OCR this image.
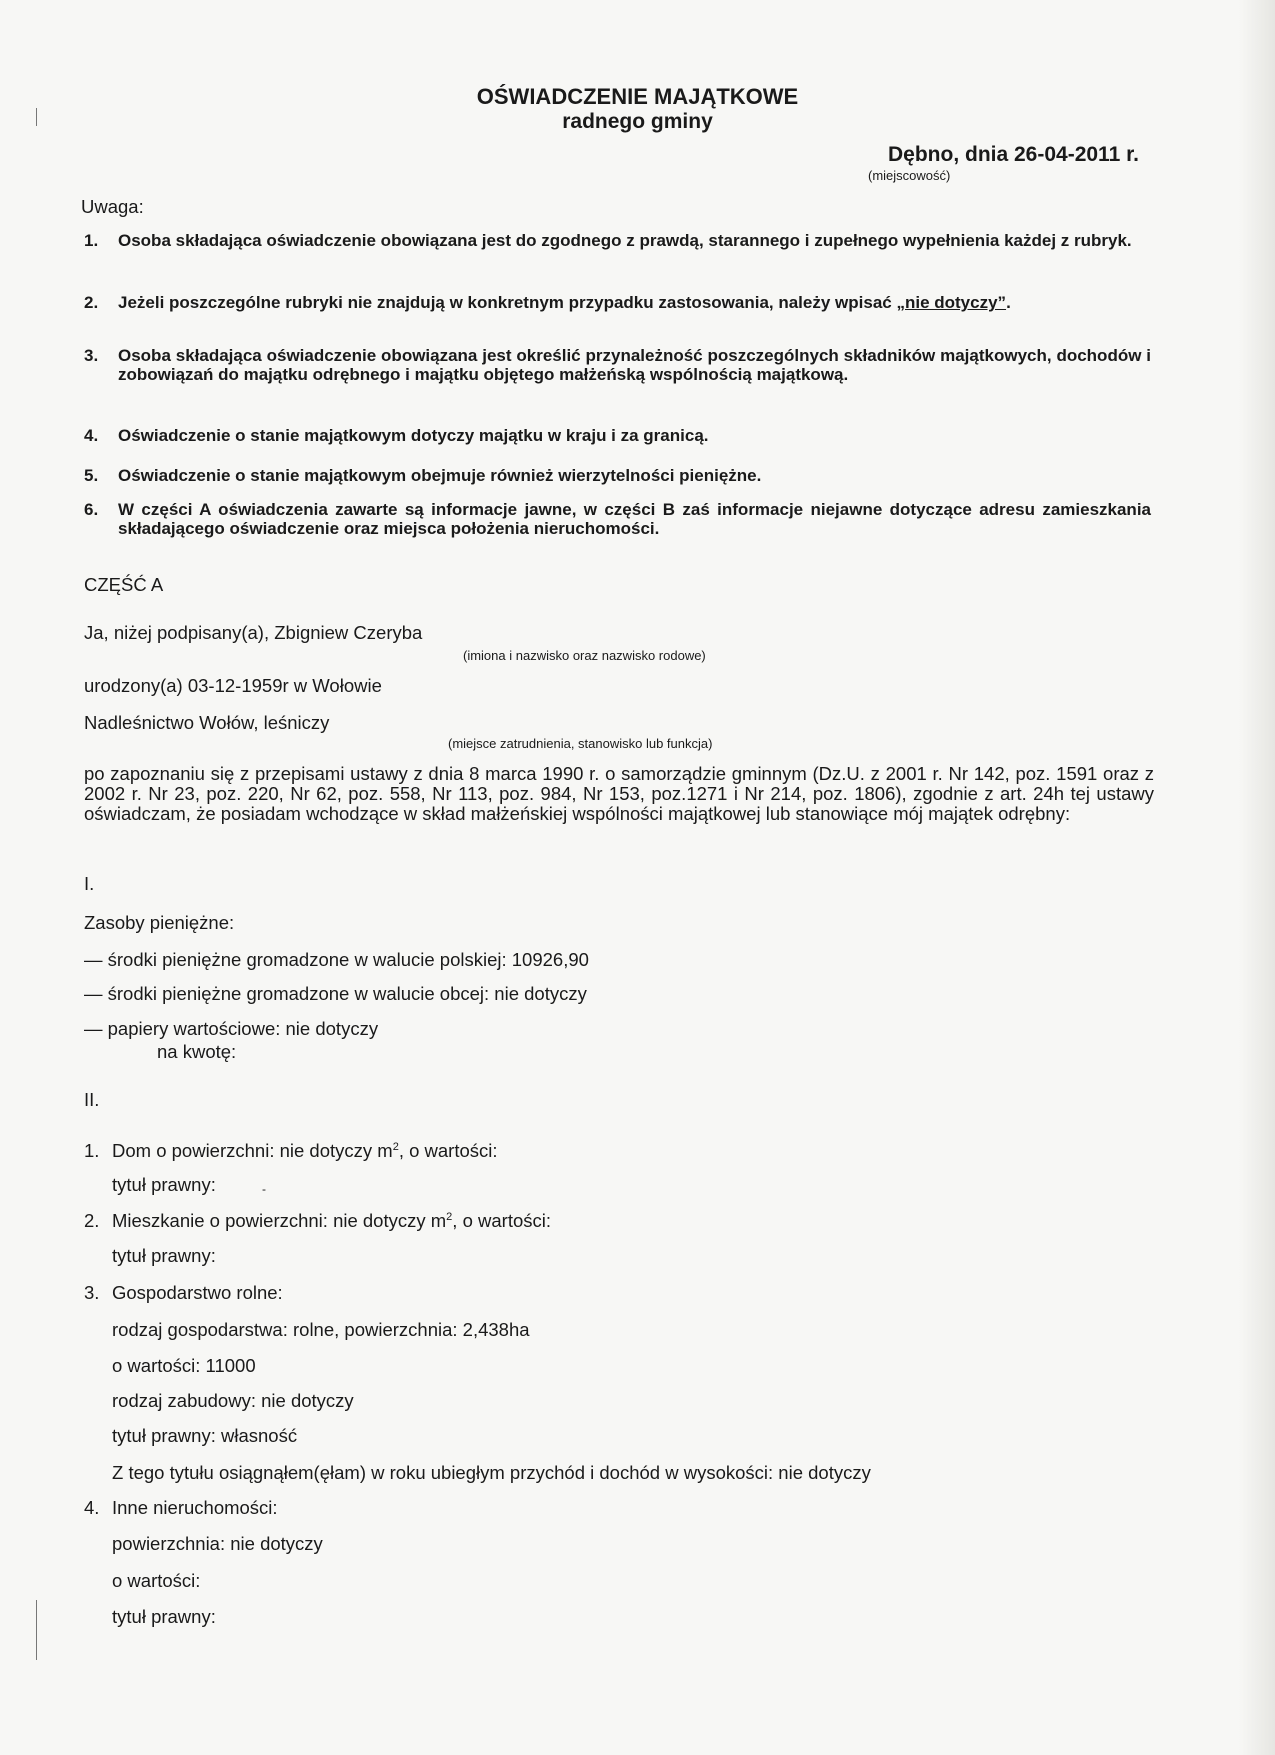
OŚWIADCZENIE MAJĄTKOWE
radnego gminy
Dębno, dnia 26-04-2011 r.
(miejscowość)
Uwaga:
1. Osoba składająca oświadczenie obowiązana jest do zgodnego z prawdą, starannego i zupełnego wypełnienia każdej z rubryk.
2. Jeżeli poszczególne rubryki nie znajdują w konkretnym przypadku zastosowania, należy wpisać „nie dotyczy”.
3. Osoba składająca oświadczenie obowiązana jest określić przynależność poszczególnych składników majątkowych, dochodów i zobowiązań do majątku odrębnego i majątku objętego małżeńską wspólnością majątkową.
4. Oświadczenie o stanie majątkowym dotyczy majątku w kraju i za granicą.
5. Oświadczenie o stanie majątkowym obejmuje również wierzytelności pieniężne.
6. W części A oświadczenia zawarte są informacje jawne, w części B zaś informacje niejawne dotyczące adresu zamieszkania składającego oświadczenie oraz miejsca położenia nieruchomości.
CZĘŚĆ A
Ja, niżej podpisany(a), Zbigniew Czeryba
(imiona i nazwisko oraz nazwisko rodowe)
urodzony(a) 03-12-1959r w Wołowie
Nadleśnictwo Wołów, leśniczy
(miejsce zatrudnienia, stanowisko lub funkcja)
po zapoznaniu się z przepisami ustawy z dnia 8 marca 1990 r. o samorządzie gminnym (Dz.U. z 2001 r. Nr 142, poz. 1591 oraz z 2002 r. Nr 23, poz. 220, Nr 62, poz. 558, Nr 113, poz. 984, Nr 153, poz.1271 i Nr 214, poz. 1806), zgodnie z art. 24h tej ustawy oświadczam, że posiadam wchodzące w skład małżeńskiej wspólności majątkowej lub stanowiące mój majątek odrębny:
I.
Zasoby pieniężne:
— środki pieniężne gromadzone w walucie polskiej: 10926,90
— środki pieniężne gromadzone w walucie obcej: nie dotyczy
— papiery wartościowe: nie dotyczy
na kwotę:
II.
1. Dom o powierzchni: nie dotyczy $m^2$, o wartości:
tytuł prawny:	-
2. Mieszkanie o powierzchni: nie dotyczy $m^2$, o wartości:
tytuł prawny:
3. Gospodarstwo rolne:
rodzaj gospodarstwa: rolne, powierzchnia: 2,438ha
o wartości: 11000
rodzaj zabudowy: nie dotyczy
tytuł prawny: własność
Z tego tytułu osiągnąłem(ęłam) w roku ubiegłym przychód i dochód w wysokości: nie dotyczy
4. Inne nieruchomości:
powierzchnia: nie dotyczy
o wartości:
tytuł prawny:
